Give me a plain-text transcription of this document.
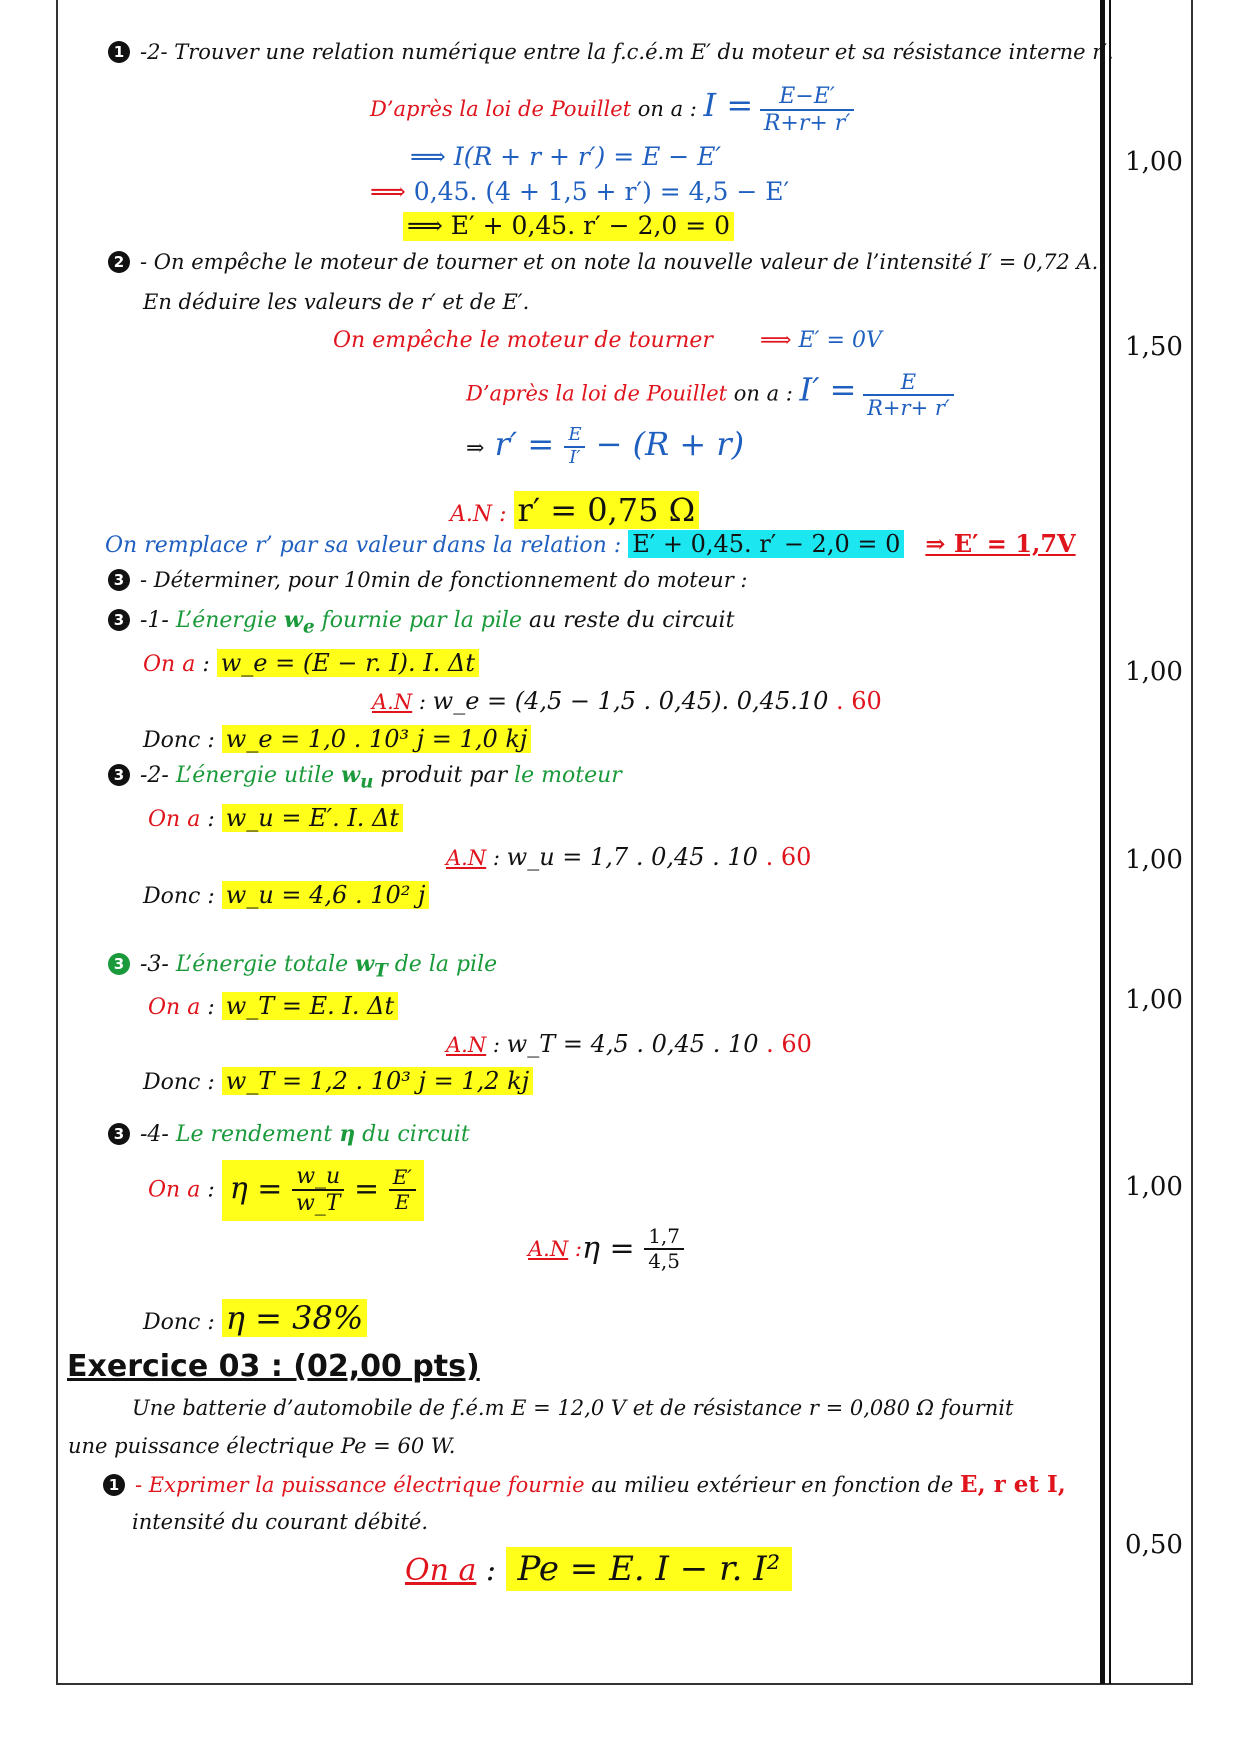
1 -2- Trouver une relation numérique entre la f.c.é.m E′ du moteur et sa résistance interne r′.
D’après la loi de Pouillet on a : $I = \frac{E-E'}{R+r+ r'}$
⟹ I(R + r + r′) = E − E′
⟹ 0,45. (4 + 1,5 + r′) = 4,5 − E′
⟹ E′ + 0,45. r′ − 2,0 = 0
1,00
2 - On empêche le moteur de tourner et on note la nouvelle valeur de l’intensité I′ = 0,72 A.
En déduire les valeurs de r′ et de E′.
On empêche le moteur de tourner ⟹ E′ = 0V	1,50
D’après la loi de Pouillet on a : $I' = \frac{E}{R+r+ r'}$
⇒ $r' = \frac{E}{I'} - (R + r)$
A.N : r′ = 0,75 Ω
On remplace r’ par sa valeur dans la relation : E′ + 0,45. r′ − 2,0 = 0 ⇒ E′ = 1,7V
3 - Déterminer, pour 10min de fonctionnement do moteur :
3 -1- L’énergie $w_e$ fournie par la pile au reste du circuit
On a : w_e = (E − r. I). I. Δt	1,00
A.N : w_e = (4,5 − 1,5 . 0,45). 0,45.10 . 60
Donc : w_e = 1,0 . 10³ j = 1,0 kj
3 -2- L’énergie utile $w_u$ produit par le moteur
On a : w_u = E′. I. Δt
A.N : w_u = 1,7 . 0,45 . 10 . 60	1,00
Donc : w_u = 4,6 . 10² j
3 -3- L’énergie totale $w_T$ de la pile
On a : w_T = E. I. Δt	1,00
A.N : w_T = 4,5 . 0,45 . 10 . 60
Donc : w_T = 1,2 . 10³ j = 1,2 kj
3 -4- Le rendement η du circuit
On a : $\eta = \frac{w\_u}{w\_T} = \frac{E'}{E}$	1,00
A.N :η = $\frac{1,7}{4,5}$
Donc : η = 38%
Exercice 03 : (02,00 pts)
Une batterie d’automobile de f.é.m E = 12,0 V et de résistance r = 0,080 Ω fournit
une puissance électrique Pe = 60 W.
1 - Exprimer la puissance électrique fournie au milieu extérieur en fonction de E, r et I,
intensité du courant débité.
0,50
On a : Pe = E. I − r. I²
